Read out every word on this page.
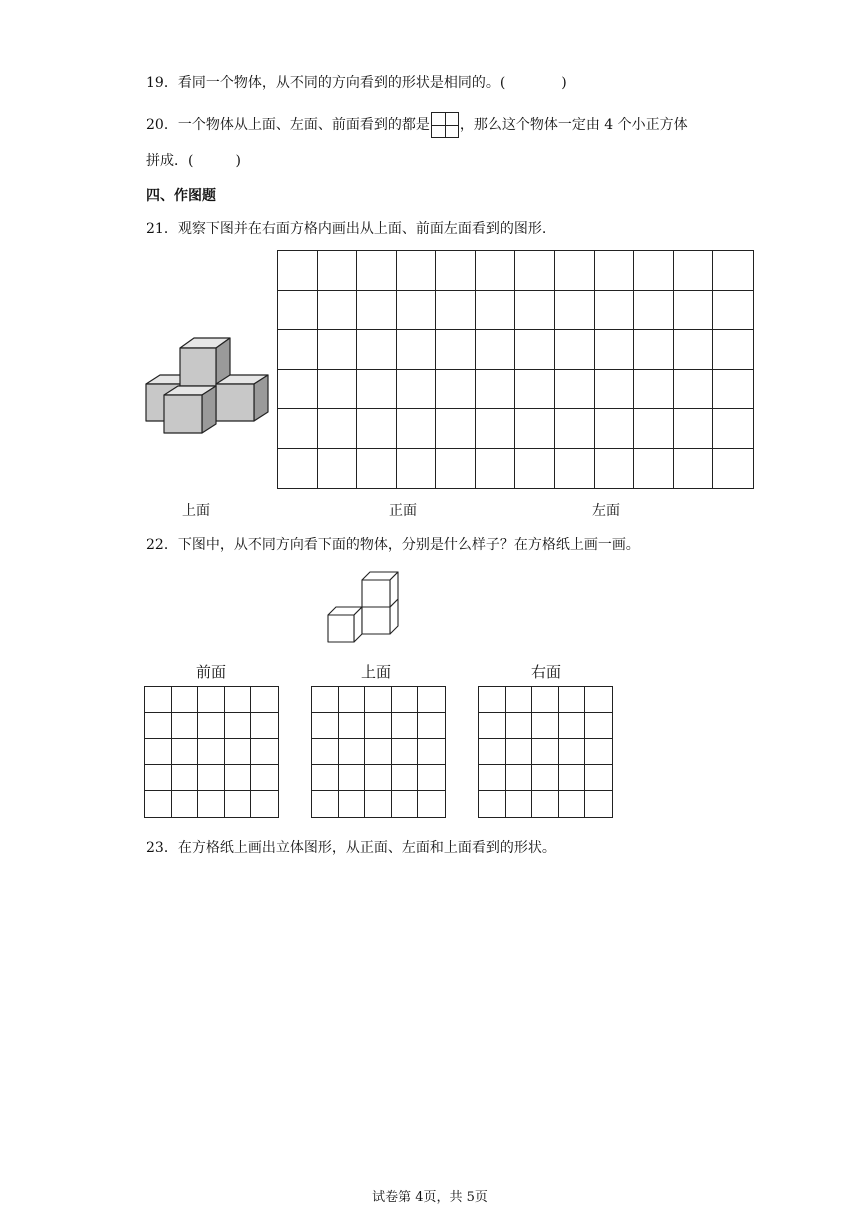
19．看同一个物体，从不同的方向看到的形状是相同的。(　　　　)
20．一个物体从上面、左面、前面看到的都是 ，那么这个物体一定由 4 个小正方体
拼成．(　　　)
四、作图题
21．观察下图并在右面方格内画出从上面、前面左面看到的图形.
上面	正面	左面
22．下图中，从不同方向看下面的物体，分别是什么样子？在方格纸上画一画。
前面	上面	右面
23．在方格纸上画出立体图形，从正面、左面和上面看到的形状。
试卷第 4页，共 5页
